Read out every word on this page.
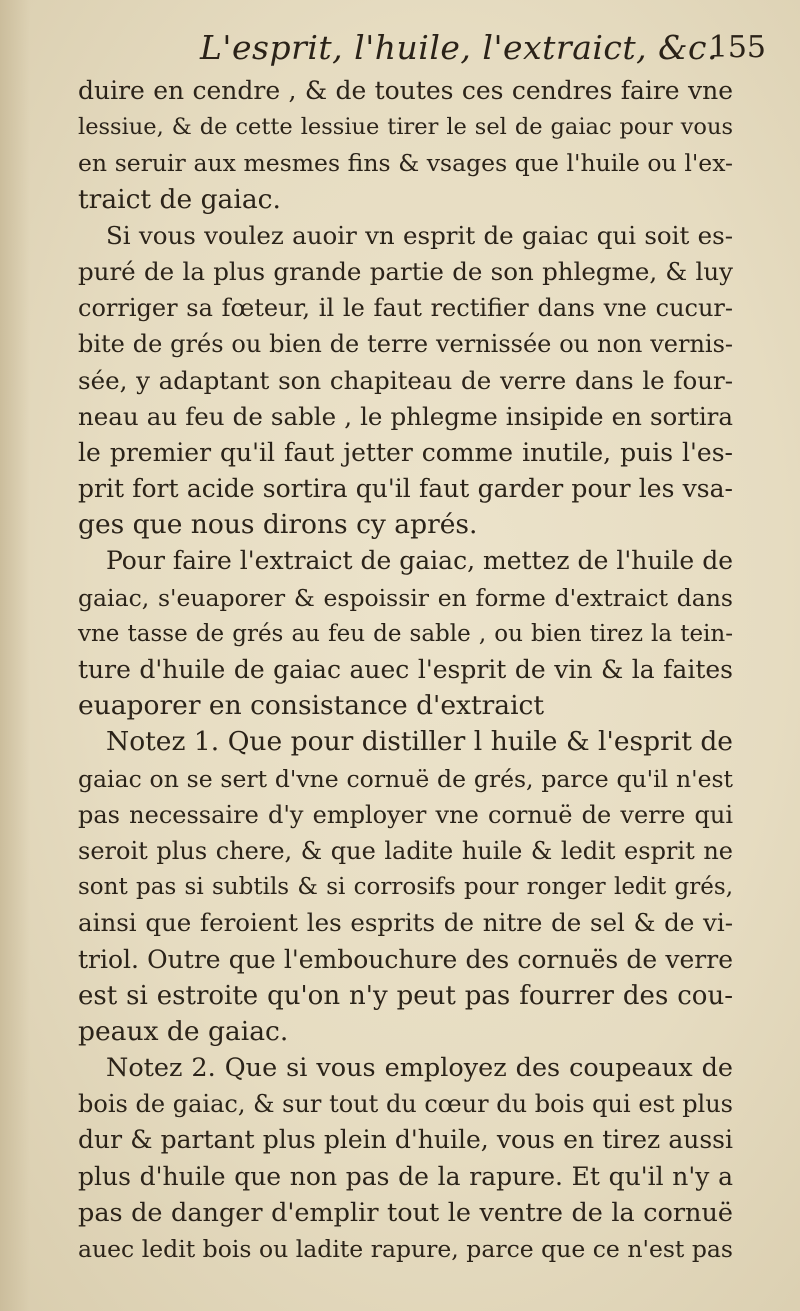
L'esprit, l'huile, l'extraict, &c.
155
duire en cendre , & de toutes ces cendres faire vne
lessiue, & de cette lessiue tirer le sel de gaiac pour vous
en seruir aux mesmes fins & vsages que l'huile ou l'ex-
traict de gaiac.
Si vous voulez auoir vn esprit de gaiac qui soit es-
puré de la plus grande partie de son phlegme, & luy
corriger sa fœteur, il le faut rectifier dans vne cucur-
bite de grés ou bien de terre vernissée ou non vernis-
sée, y adaptant son chapiteau de verre dans le four-
neau au feu de sable , le phlegme insipide en sortira
le premier qu'il faut jetter comme inutile, puis l'es-
prit fort acide sortira qu'il faut garder pour les vsa-
ges que nous dirons cy aprés.
Pour faire l'extraict de gaiac, mettez de l'huile de
gaiac, s'euaporer & espoissir en forme d'extraict dans
vne tasse de grés au feu de sable , ou bien tirez la tein-
ture d'huile de gaiac auec l'esprit de vin & la faites
euaporer en consistance d'extraict
Notez 1. Que pour distiller l huile & l'esprit de
gaiac on se sert d'vne cornuë de grés, parce qu'il n'est
pas necessaire d'y employer vne cornuë de verre qui
seroit plus chere, & que ladite huile & ledit esprit ne
sont pas si subtils & si corrosifs pour ronger ledit grés,
ainsi que feroient les esprits de nitre de sel & de vi-
triol. Outre que l'embouchure des cornuës de verre
est si estroite qu'on n'y peut pas fourrer des cou-
peaux de gaiac.
Notez 2. Que si vous employez des coupeaux de
bois de gaiac, & sur tout du cœur du bois qui est plus
dur & partant plus plein d'huile, vous en tirez aussi
plus d'huile que non pas de la rapure. Et qu'il n'y a
pas de danger d'emplir tout le ventre de la cornuë
auec ledit bois ou ladite rapure, parce que ce n'est pas
